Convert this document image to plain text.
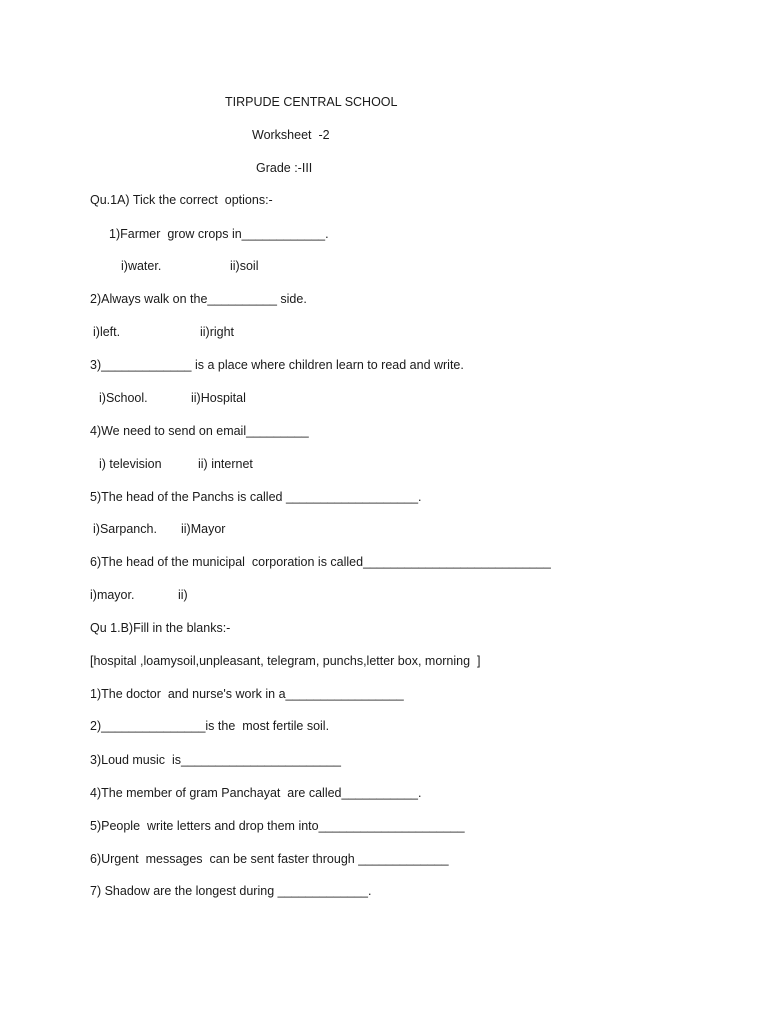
TIRPUDE CENTRAL SCHOOL
Worksheet  -2
Grade :-III
Qu.1A) Tick the correct  options:-
1)Farmer  grow crops in____________.
i)water.	ii)soil
2)Always walk on the__________ side.
i)left.	ii)right
3)_____________ is a place where children learn to read and write.
i)School.	ii)Hospital
4)We need to send on email_________
i) television	ii) internet
5)The head of the Panchs is called ___________________.
i)Sarpanch. ii)Mayor
6)The head of the municipal  corporation is called___________________________
i)mayor.	ii)
Qu 1.B)Fill in the blanks:-
[hospital ,loamysoil,unpleasant, telegram, punchs,letter box, morning  ]
1)The doctor  and nurse's work in a_________________
2)_______________is the  most fertile soil.
3)Loud music  is_______________________
4)The member of gram Panchayat  are called___________.
5)People  write letters and drop them into_____________________
6)Urgent  messages  can be sent faster through _____________
7) Shadow are the longest during _____________.
